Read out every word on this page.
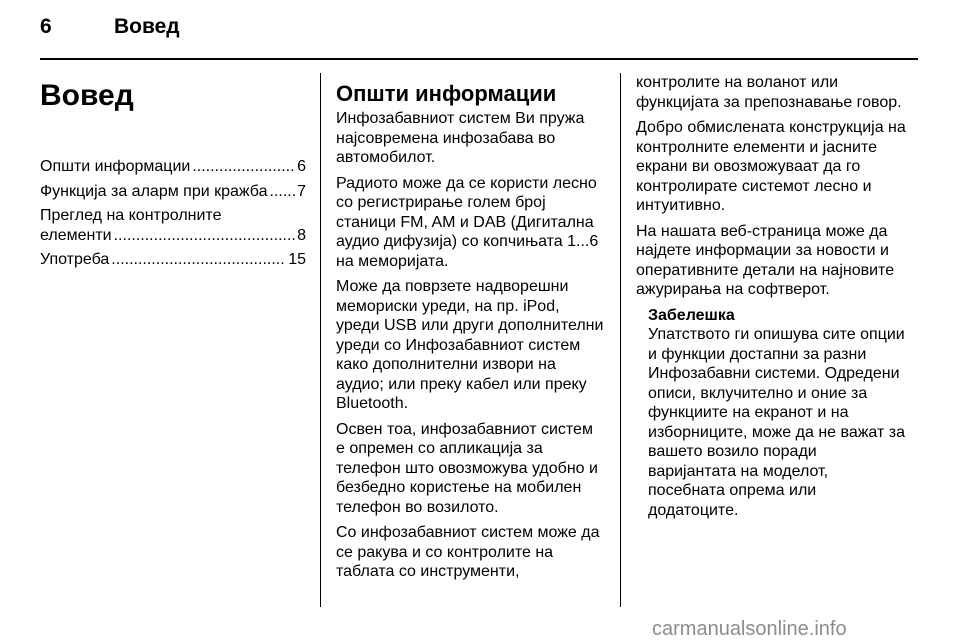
6	Вовед
Вовед
Општи информации .....	6
Функција за аларм при кражба ..... 7
Преглед на контролните
елементи .....	8
Употреба .....	15
Општи информации

Инфозабавниот систем Ви пружа најсовремена инфозабава во автомобилот.

Радиото може да се користи лесно со регистрирање голем број станици FM, AM и DAB (Дигитална аудио дифузија) со копчињата 1...6 на меморијата.

Може да поврзете надворешни мемориски уреди, на пр. iPod, уреди USB или други дополнителни уреди со Инфозабавниот систем како дополнителни извори на аудио; или преку кабел или преку Bluetooth.

Освен тоа, инфозабавниот систем е опремен со апликација за телефон што овозможува удобно и безбедно користење на мобилен телефон во возилото.

Со инфозабавниот систем може да се ракува и со контролите на таблата со инструменти,

контролите на воланот или функцијата за препознавање говор.

Добро обмислената конструкција на контролните елементи и јасните екрани ви овозможуваат да го контролирате системот лесно и интуитивно.

На нашата веб-страница може да најдете информации за новости и оперативните детали на најновите ажурирања на софтверот.

Забелешка

Упатството ги опишува сите опции и функции достапни за разни Инфозабавни системи. Одредени описи, вклучително и оние за функциите на екранот и на изборниците, може да не важат за вашето возило поради варијантата на моделот, посебната опрема или додатоците.

carmanualsonline.info
